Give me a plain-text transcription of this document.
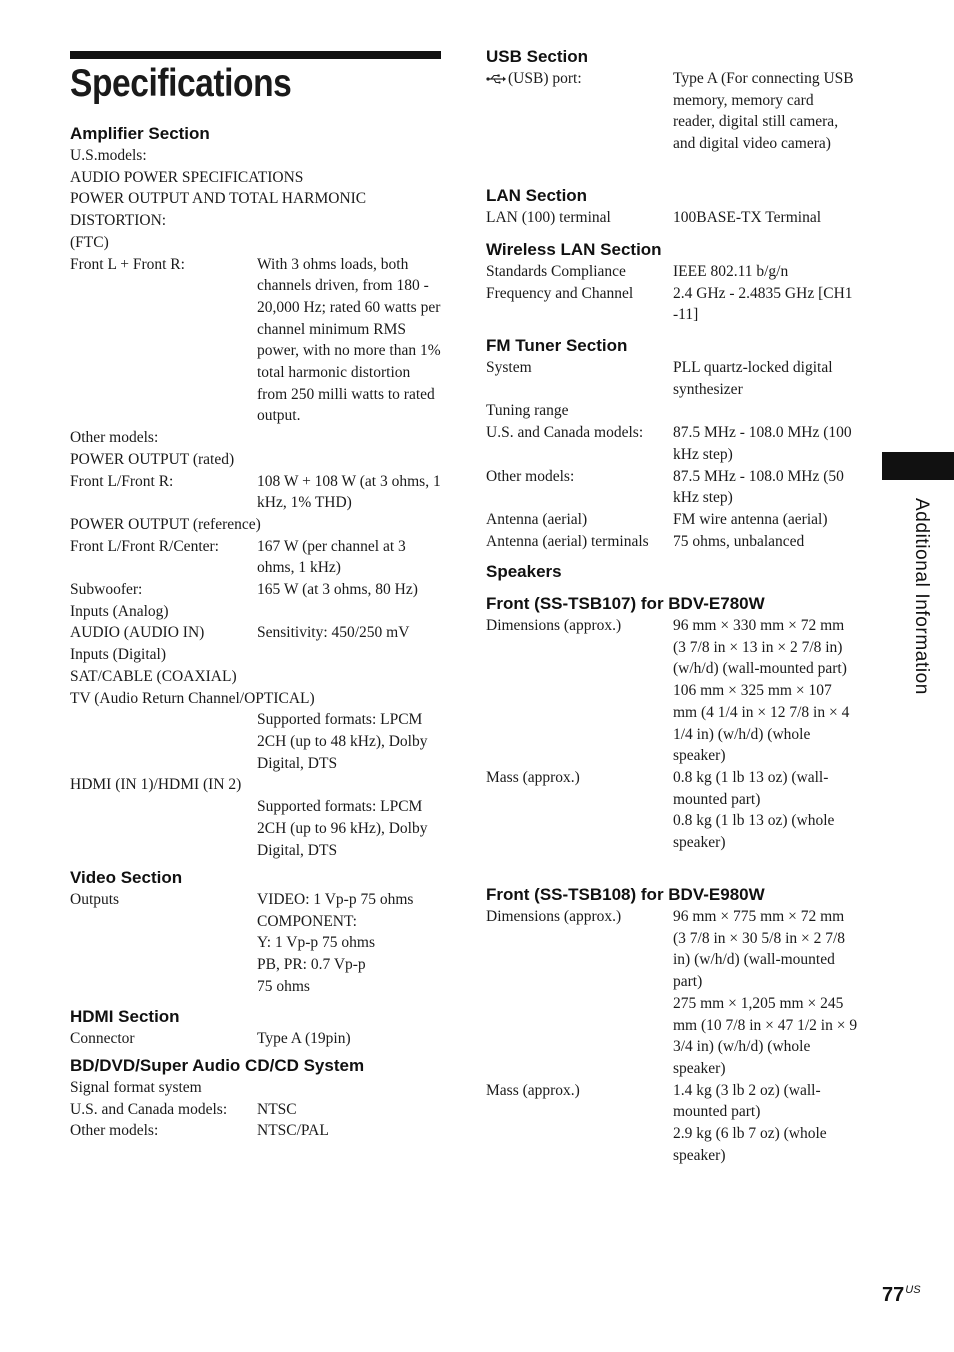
Specifications
Amplifier Section
U.S.models:
AUDIO POWER SPECIFICATIONS
POWER OUTPUT AND TOTAL HARMONIC
DISTORTION:
(FTC)
Front L + Front R:	With 3 ohms loads, both channels driven, from 180 - 20,000 Hz; rated 60 watts per channel minimum RMS power, with no more than 1% total harmonic distortion from 250 milli watts to rated output.
Other models:
POWER OUTPUT (rated)
Front L/Front R:	108 W + 108 W (at 3 ohms, 1 kHz, 1% THD)
POWER OUTPUT (reference)
Front L/Front R/Center:	167 W (per channel at 3 ohms, 1 kHz)
Subwoofer:	165 W (at 3 ohms, 80 Hz)
Inputs (Analog)
AUDIO (AUDIO IN)	Sensitivity: 450/250 mV
Inputs (Digital)
SAT/CABLE (COAXIAL)
TV (Audio Return Channel/OPTICAL)
Supported formats: LPCM 2CH (up to 48 kHz), Dolby Digital, DTS
HDMI (IN 1)/HDMI (IN 2)
Supported formats: LPCM 2CH (up to 96 kHz), Dolby Digital, DTS
Video Section
Outputs	VIDEO: 1 Vp-p 75 ohms
COMPONENT:
Y: 1 Vp-p 75 ohms
PB, PR: 0.7 Vp-p
75 ohms
HDMI Section
Connector	Type A (19pin)
BD/DVD/Super Audio CD/CD System
Signal format system
U.S. and Canada models:	NTSC
Other models:	NTSC/PAL
USB Section
(USB) port:	Type A (For connecting USB memory, memory card reader, digital still camera, and digital video camera)
LAN Section
LAN (100) terminal	100BASE-TX Terminal
Wireless LAN Section
Standards Compliance	IEEE 802.11 b/g/n
Frequency and Channel	2.4 GHz - 2.4835 GHz [CH1 -11]
FM Tuner Section
System	PLL quartz-locked digital synthesizer
Tuning range
U.S. and Canada models:	87.5 MHz - 108.0 MHz (100 kHz step)
Other models:	87.5 MHz - 108.0 MHz (50 kHz step)
Antenna (aerial)	FM wire antenna (aerial)
Antenna (aerial) terminals	75 ohms, unbalanced
Speakers
Front (SS-TSB107) for BDV-E780W
Dimensions (approx.)	96 mm × 330 mm × 72 mm (3 7/8 in × 13 in × 2 7/8 in) (w/h/d) (wall-mounted part)
106 mm × 325 mm × 107 mm (4 1/4 in × 12 7/8 in × 4 1/4 in) (w/h/d) (whole speaker)
Mass (approx.)	0.8 kg (1 lb 13 oz) (wall-mounted part)
0.8 kg (1 lb 13 oz) (whole speaker)
Front (SS-TSB108) for BDV-E980W
Dimensions (approx.)	96 mm × 775 mm × 72 mm (3 7/8 in × 30 5/8 in × 2 7/8 in) (w/h/d) (wall-mounted part)
275 mm × 1,205 mm × 245 mm (10 7/8 in × 47 1/2 in × 9 3/4 in) (w/h/d) (whole speaker)
Mass (approx.)	1.4 kg (3 lb 2 oz) (wall-mounted part)
2.9 kg (6 lb 7 oz) (whole speaker)
Additional Information
$77^{US}$
